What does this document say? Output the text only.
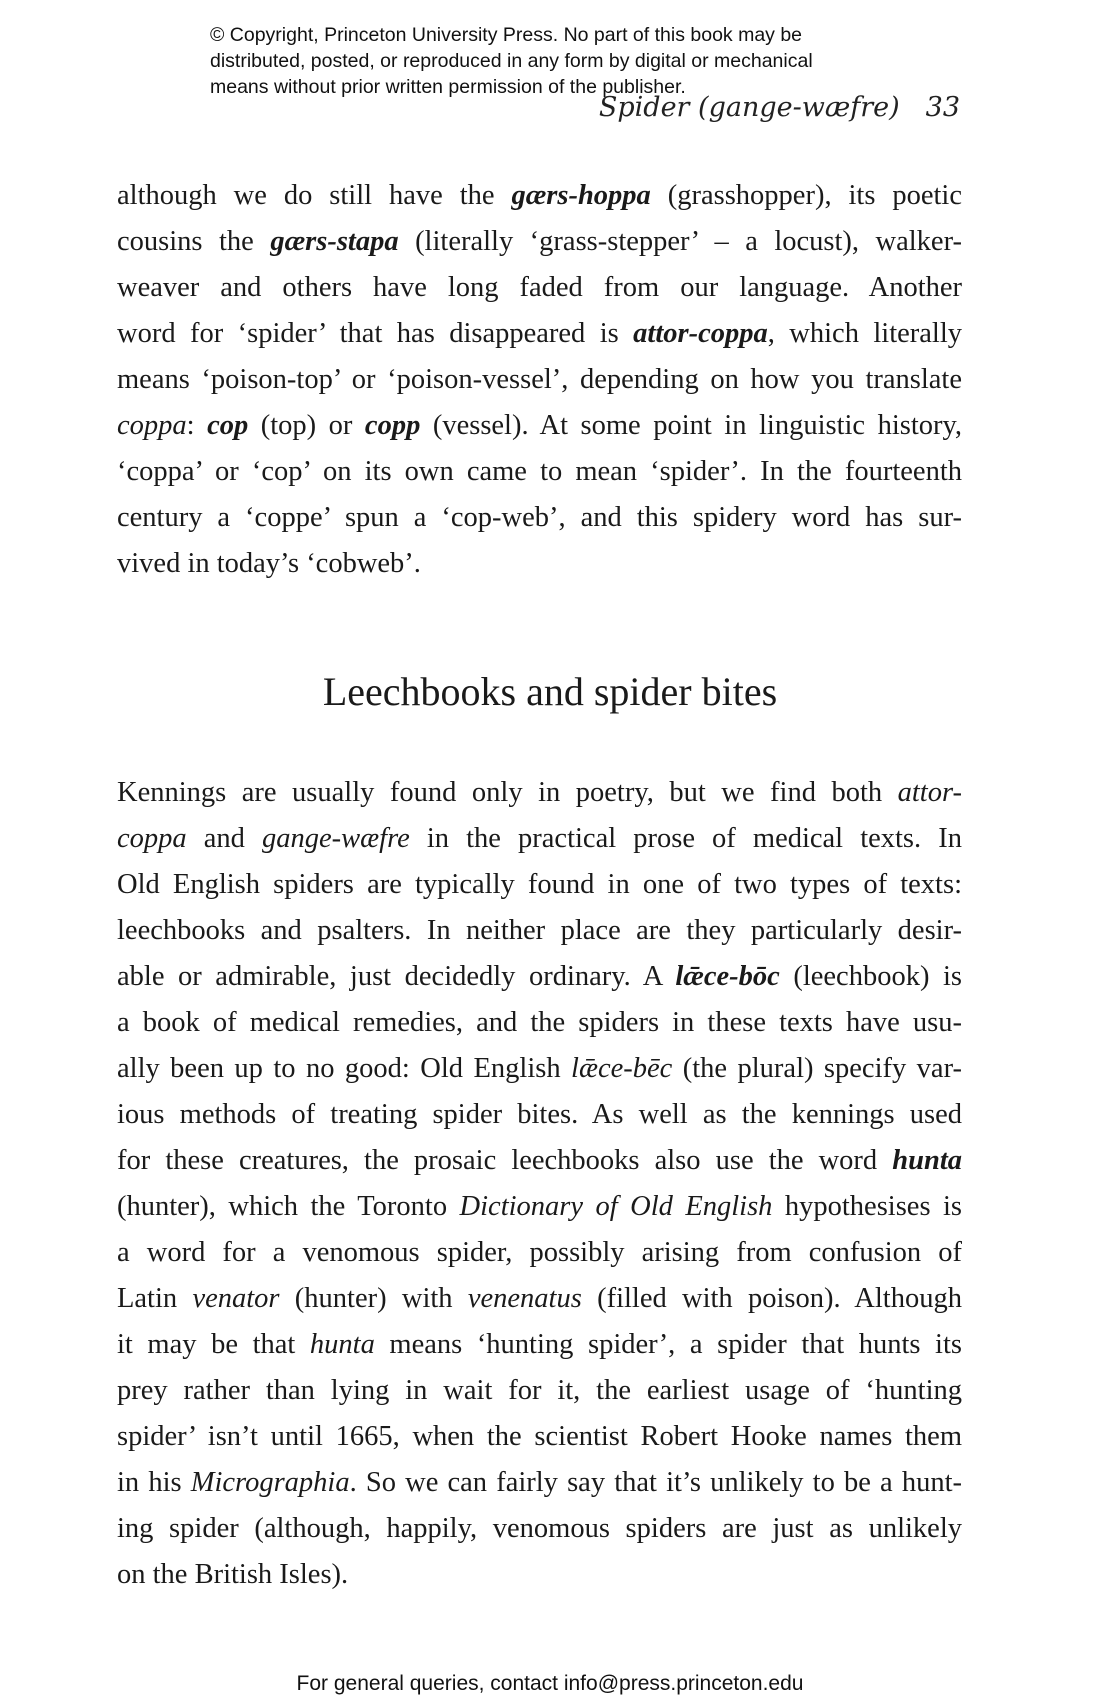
© Copyright, Princeton University Press. No part of this book may be
distributed, posted, or reproduced in any form by digital or mechanical
means without prior written permission of the publisher.
Spider (gange-wæfre) 33
although we do still have the gærs-hoppa (grasshopper), its poetic
cousins the gærs-stapa (literally ‘grass-stepper’ – a locust), walker-
weaver and others have long faded from our language. Another
word for ‘spider’ that has disappeared is attor-coppa, which literally
means ‘poison-top’ or ‘poison-vessel’, depending on how you translate
coppa: cop (top) or copp (vessel). At some point in linguistic history,
‘coppa’ or ‘cop’ on its own came to mean ‘spider’. In the fourteenth
century a ‘coppe’ spun a ‘cop-web’, and this spidery word has sur-
vived in today’s ‘cobweb’.
Leechbooks and spider bites
Kennings are usually found only in poetry, but we find both attor-
coppa and gange-wæfre in the practical prose of medical texts. In
Old English spiders are typically found in one of two types of texts:
leechbooks and psalters. In neither place are they particularly desir-
able or admirable, just decidedly ordinary. A lǣce-bōc (leechbook) is
a book of medical remedies, and the spiders in these texts have usu-
ally been up to no good: Old English lǣce-bēc (the plural) specify var-
ious methods of treating spider bites. As well as the kennings used
for these creatures, the prosaic leechbooks also use the word hunta
(hunter), which the Toronto Dictionary of Old English hypothesises is
a word for a venomous spider, possibly arising from confusion of
Latin venator (hunter) with venenatus (filled with poison). Although
it may be that hunta means ‘hunting spider’, a spider that hunts its
prey rather than lying in wait for it, the earliest usage of ‘hunting
spider’ isn’t until 1665, when the scientist Robert Hooke names them
in his Micrographia. So we can fairly say that it’s unlikely to be a hunt-
ing spider (although, happily, venomous spiders are just as unlikely
on the British Isles).
For general queries, contact info@press.princeton.edu
